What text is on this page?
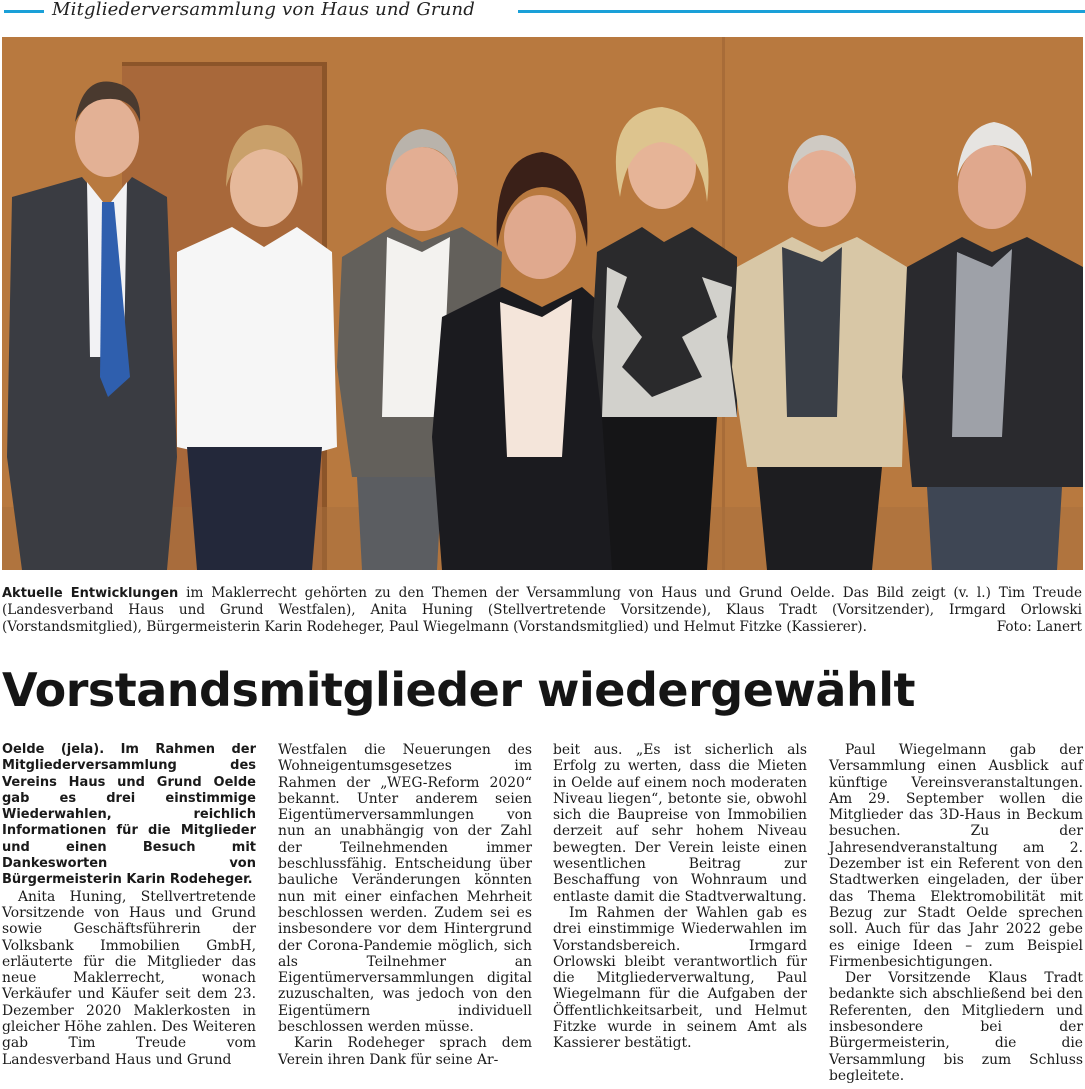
Mitgliederversammlung von Haus und Grund
Aktuelle Entwicklungen im Maklerrecht gehörten zu den Themen der Versammlung von Haus und Grund Oelde. Das Bild zeigt (v. l.) Tim Treude (Landesverband Haus und Grund Westfalen), Anita Huning (Stellvertretende Vorsitzende), Klaus Tradt (Vorsitzender), Irmgard Orlowski (Vorstandsmitglied), Bürgermeisterin Karin Rodeheger, Paul Wiegelmann (Vorstandsmitglied) und Helmut Fitzke (Kassierer).	Foto: Lanert
Vorstandsmitglieder wiedergewählt

Oelde (jela). Im Rahmen der Mitgliederversammlung des Vereins Haus und Grund Oelde gab es drei einstimmige Wiederwahlen, reichlich Informationen für die Mitglieder und einen Besuch mit Dankesworten von Bürgermeisterin Karin Rodeheger.

Anita Huning, Stellvertretende Vorsitzende von Haus und Grund sowie Geschäftsführerin der Volksbank Immobilien GmbH, erläuterte für die Mitglieder das neue Maklerrecht, wonach Verkäufer und Käufer seit dem 23. Dezember 2020 Maklerkosten in gleicher Höhe zahlen. Des Weiteren gab Tim Treude vom Landesverband Haus und Grund

Westfalen die Neuerungen des Wohneigentumsgesetzes im Rahmen der „WEG-Reform 2020“ bekannt. Unter anderem seien Eigentümerversammlungen von nun an unabhängig von der Zahl der Teilnehmenden immer beschlussfähig. Entscheidung über bauliche Veränderungen könnten nun mit einer einfachen Mehrheit beschlossen werden. Zudem sei es insbesondere vor dem Hintergrund der Corona-Pandemie möglich, sich als Teilnehmer an Eigentümerversammlungen digital zuzuschalten, was jedoch von den Eigentümern individuell beschlossen werden müsse.

Karin Rodeheger sprach dem Verein ihren Dank für seine Ar-

beit aus. „Es ist sicherlich als Erfolg zu werten, dass die Mieten in Oelde auf einem noch moderaten Niveau liegen“, betonte sie, obwohl sich die Baupreise von Immobilien derzeit auf sehr hohem Niveau bewegten. Der Verein leiste einen wesentlichen Beitrag zur Beschaffung von Wohnraum und entlaste damit die Stadtverwaltung.

Im Rahmen der Wahlen gab es drei einstimmige Wiederwahlen im Vorstandsbereich. Irmgard Orlowski bleibt verantwortlich für die Mitgliederverwaltung, Paul Wiegelmann für die Aufgaben der Öffentlichkeitsarbeit, und Helmut Fitzke wurde in seinem Amt als Kassierer bestätigt.

Paul Wiegelmann gab der Versammlung einen Ausblick auf künftige Vereinsveranstaltungen. Am 29. September wollen die Mitglieder das 3D-Haus in Beckum besuchen. Zu der Jahresendveranstaltung am 2. Dezember ist ein Referent von den Stadtwerken eingeladen, der über das Thema Elektromobilität mit Bezug zur Stadt Oelde sprechen soll. Auch für das Jahr 2022 gebe es einige Ideen – zum Beispiel Firmenbesichtigungen.

Der Vorsitzende Klaus Tradt bedankte sich abschließend bei den Referenten, den Mitgliedern und insbesondere bei der Bürgermeisterin, die die Versammlung bis zum Schluss begleitete.
